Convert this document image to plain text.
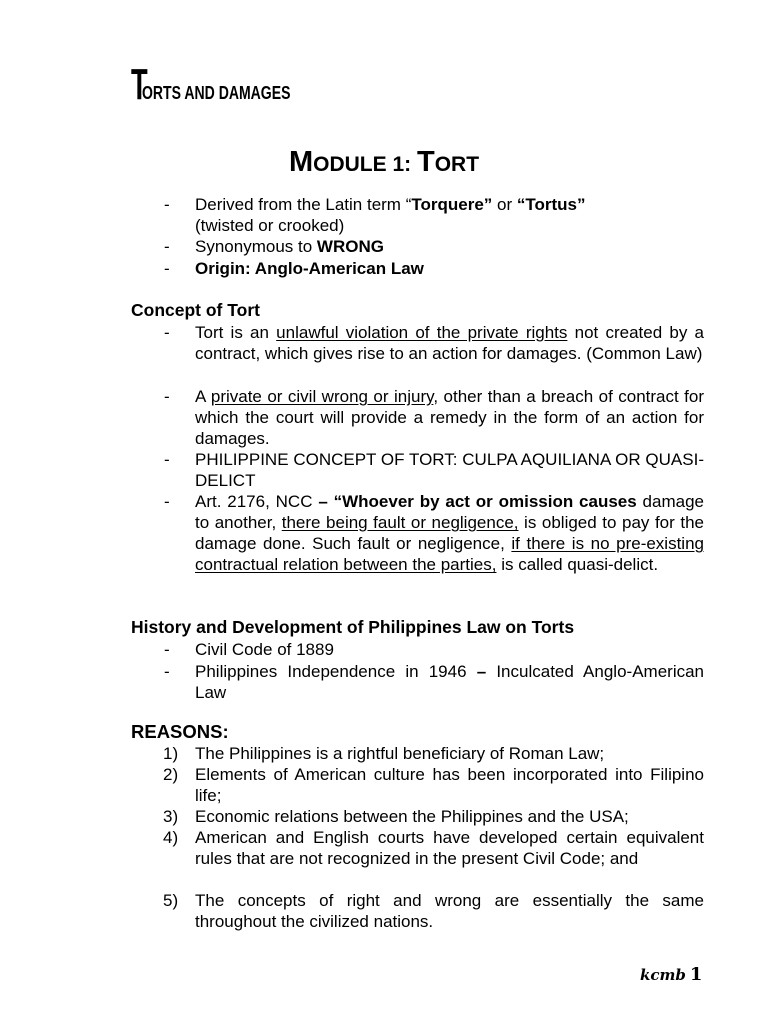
TORTS AND DAMAGES
MODULE 1: TORT
- Derived from the Latin term “Torquere” or “Tortus”
(twisted or crooked)
- Synonymous to WRONG
- Origin: Anglo-American Law
Concept of Tort
- Tort is an unlawful violation of the private rights not created by a contract, which gives rise to an action for damages. (Common Law)
- A private or civil wrong or injury, other than a breach of contract for which the court will provide a remedy in the form of an action for damages.
- PHILIPPINE CONCEPT OF TORT: CULPA AQUILIANA OR QUASI-DELICT
- Art. 2176, NCC – “Whoever by act or omission causes damage to another, there being fault or negligence, is obliged to pay for the damage done. Such fault or negligence, if there is no pre-existing contractual relation between the parties, is called quasi-delict.
History and Development of Philippines Law on Torts
- Civil Code of 1889
- Philippines Independence in 1946 – Inculcated Anglo-American Law
REASONS:
1) The Philippines is a rightful beneficiary of Roman Law;
2) Elements of American culture has been incorporated into Filipino life;
3) Economic relations between the Philippines and the USA;
4) American and English courts have developed certain equivalent rules that are not recognized in the present Civil Code; and
5) The concepts of right and wrong are essentially the same throughout the civilized nations.
kcmb 1
